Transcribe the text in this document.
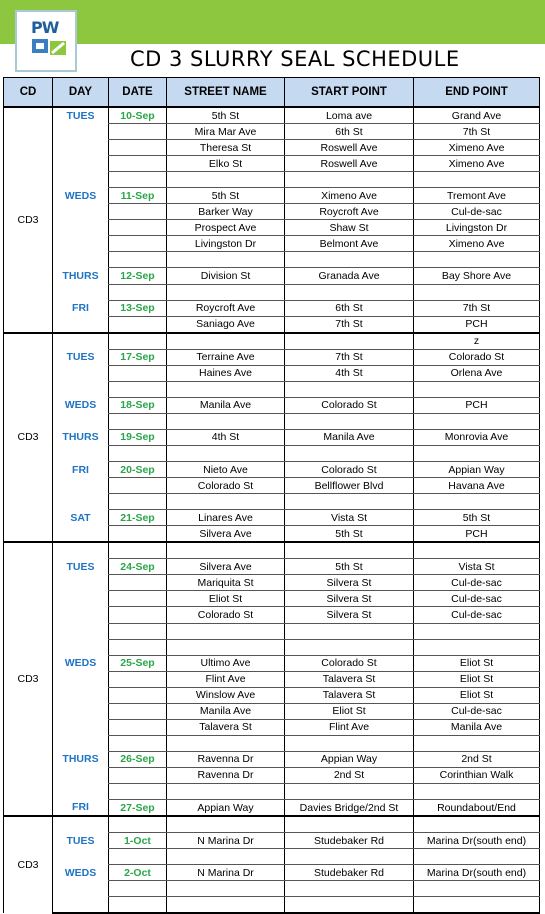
PW
CD 3 SLURRY SEAL SCHEDULE
CD	DAY	DATE	STREET NAME	START POINT	END POINT
CD3	TUES	10-Sep	5th St	Loma ave	Grand Ave
			Mira Mar Ave	6th St	7th St
			Theresa St	Roswell Ave	Ximeno Ave
			Elko St	Roswell Ave	Ximeno Ave

	WEDS	11-Sep	5th St	Ximeno Ave	Tremont Ave
			Barker Way	Roycroft Ave	Cul-de-sac
			Prospect Ave	Shaw St	Livingston Dr
			Livingston Dr	Belmont Ave	Ximeno Ave

	THURS	12-Sep	Division St	Granada Ave	Bay Shore Ave

	FRI	13-Sep	Roycroft Ave	6th St	7th St
			Saniago Ave	7th St	PCH
CD3					z
	TUES	17-Sep	Terraine Ave	7th St	Colorado St
			Haines Ave	4th St	Orlena Ave

	WEDS	18-Sep	Manila Ave	Colorado St	PCH

	THURS	19-Sep	4th St	Manila Ave	Monrovia Ave

	FRI	20-Sep	Nieto Ave	Colorado St	Appian Way
			Colorado St	Bellflower Blvd	Havana Ave

	SAT	21-Sep	Linares Ave	Vista St	5th St
			Silvera Ave	5th St	PCH
CD3					
	TUES	24-Sep	Silvera Ave	5th St	Vista St
			Mariquita St	Silvera St	Cul-de-sac
			Eliot St	Silvera St	Cul-de-sac
			Colorado St	Silvera St	Cul-de-sac

	WEDS	25-Sep	Ultimo Ave	Colorado St	Eliot St
			Flint Ave	Talavera St	Eliot St
			Winslow Ave	Talavera St	Eliot St
			Manila Ave	Eliot St	Cul-de-sac
			Talavera St	Flint Ave	Manila Ave

	THURS	26-Sep	Ravenna Dr	Appian Way	2nd St
			Ravenna Dr	2nd St	Corinthian Walk

	FRI	27-Sep	Appian Way	Davies Bridge/2nd St	Roundabout/End
CD3					
	TUES	1-Oct	N Marina Dr	Studebaker Rd	Marina Dr(south end)

	WEDS	2-Oct	N Marina Dr	Studebaker Rd	Marina Dr(south end)
